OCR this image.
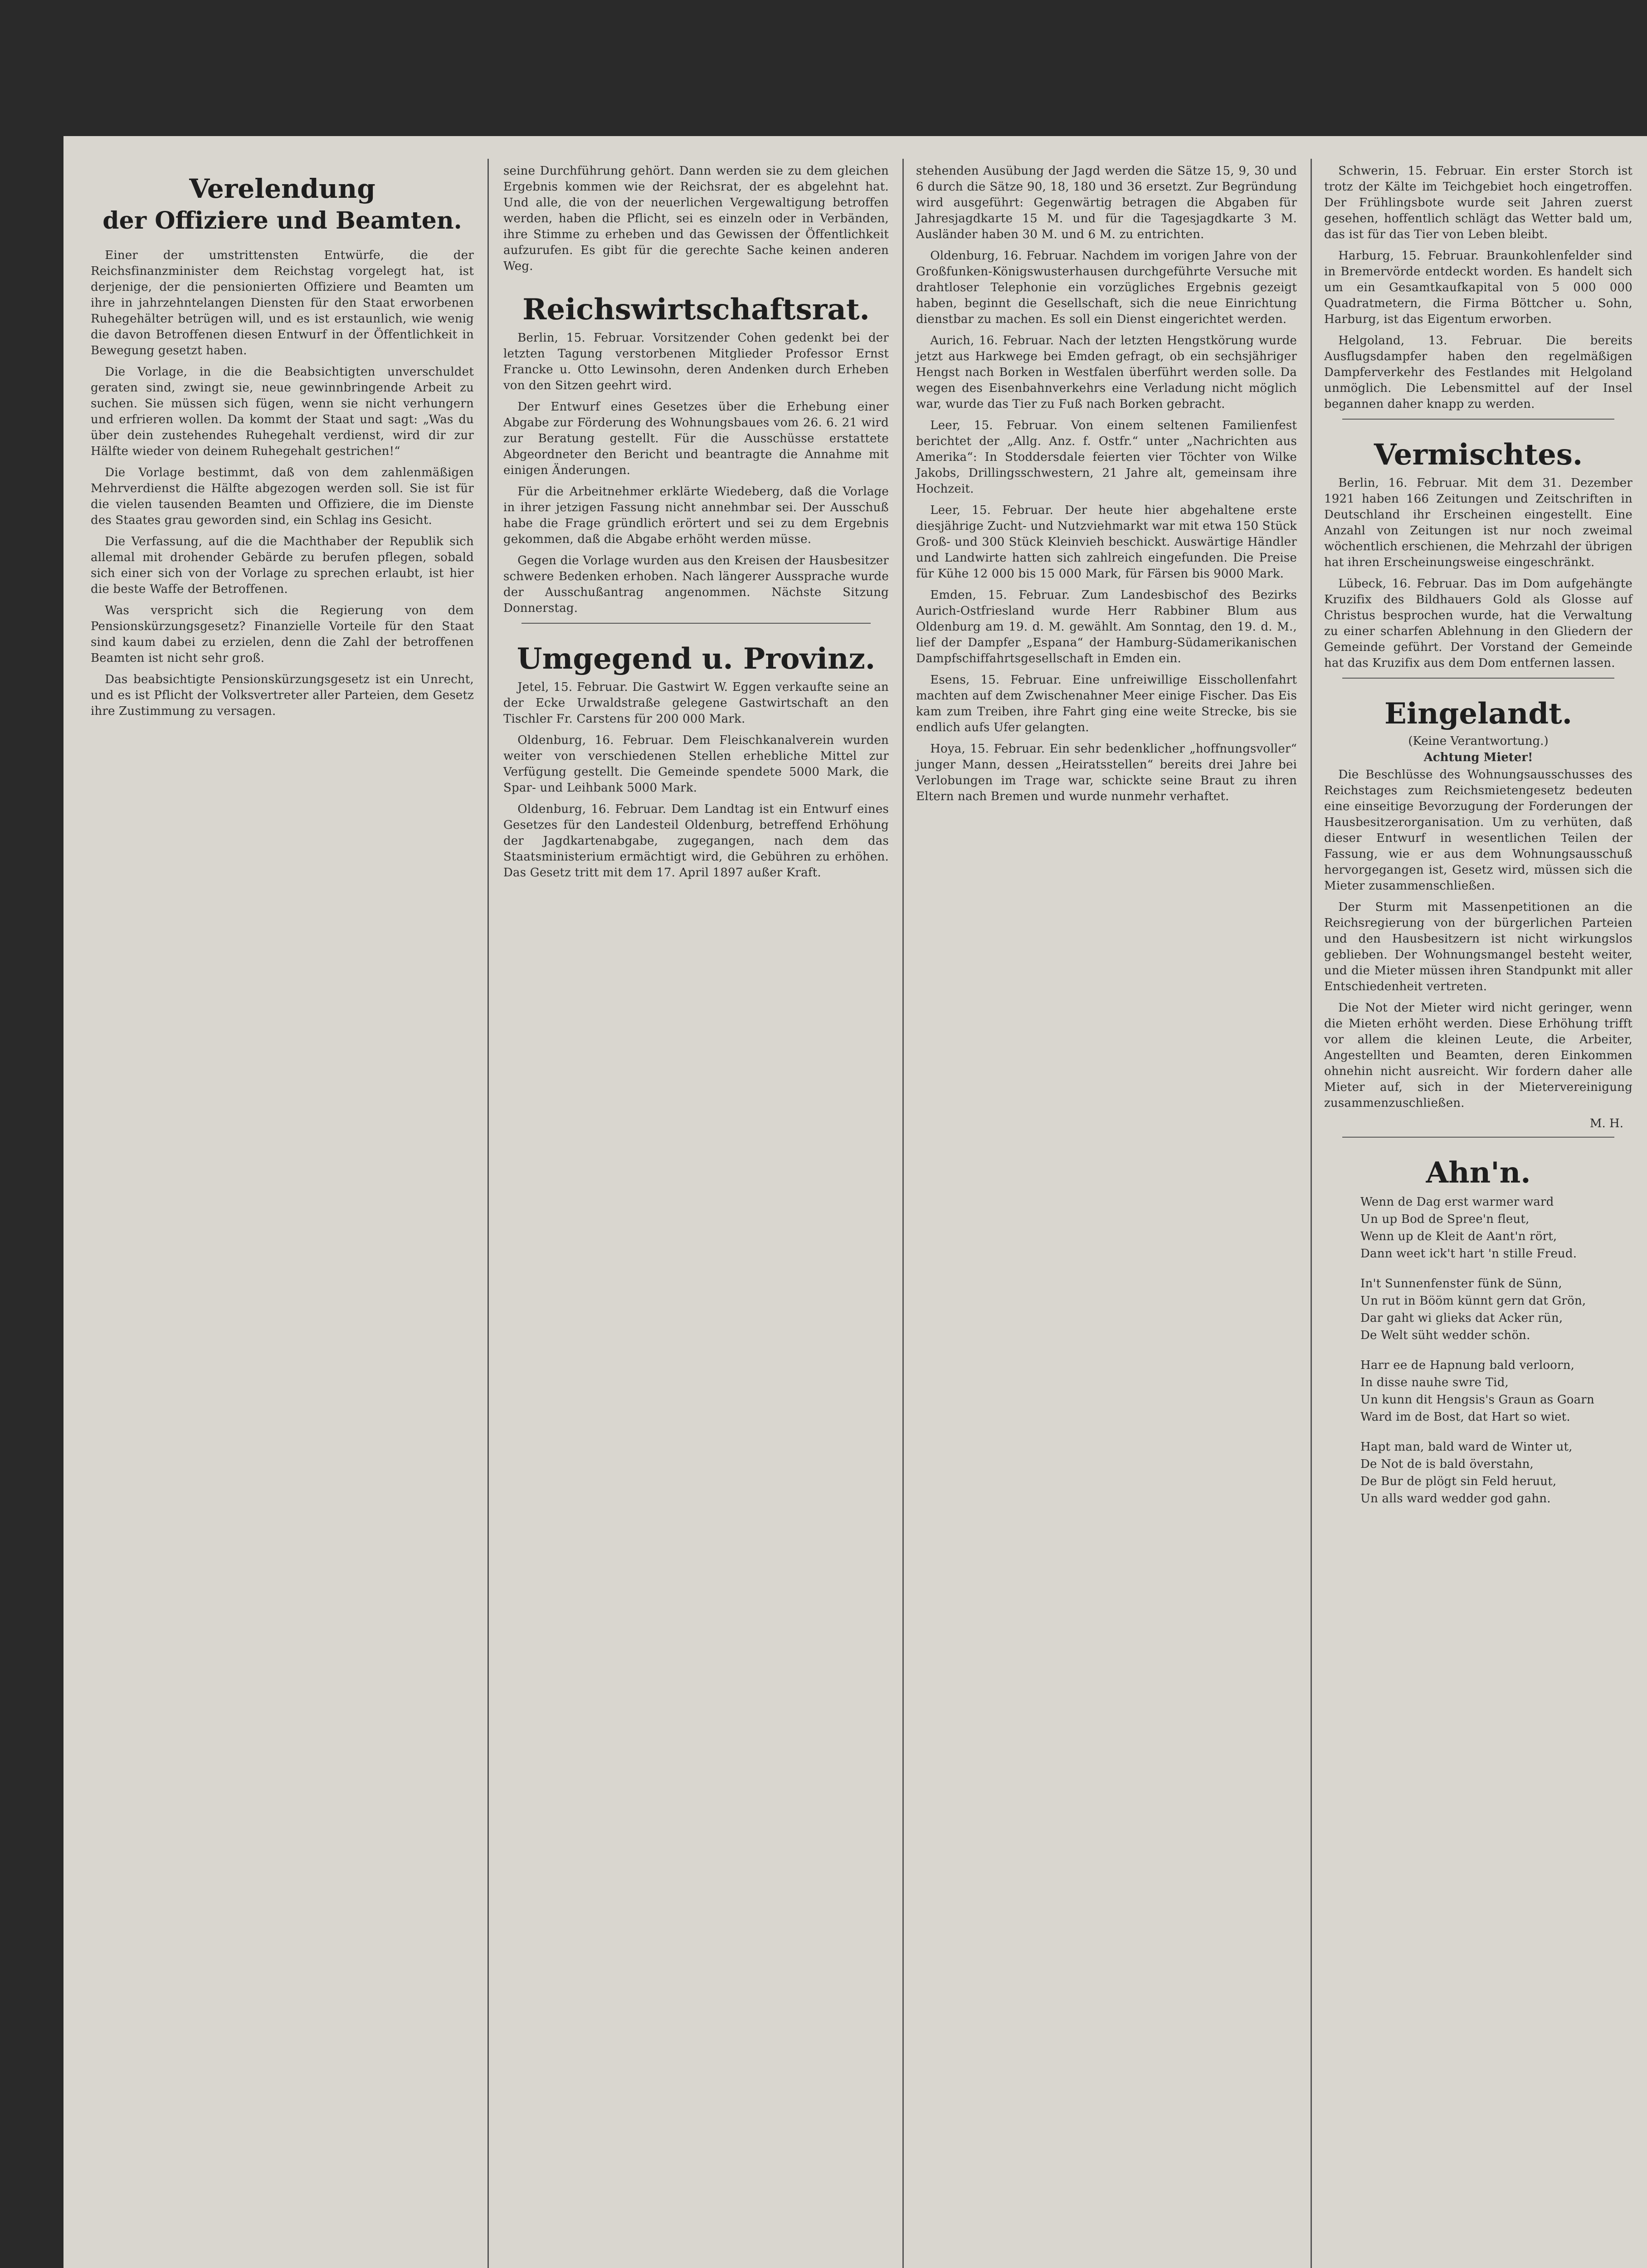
Verelendung
der Offiziere und Beamten.

Einer der umstrittensten Entwürfe, die der Reichsfinanzminister dem Reichstag vorgelegt hat, ist derjenige, der die pensionierten Offiziere und Beamten um ihre in jahrzehntelangen Diensten für den Staat erworbenen Ruhegehälter betrügen will, und es ist erstaunlich, wie wenig die davon Betroffenen diesen Entwurf in der Öffentlichkeit in Bewegung gesetzt haben.

Die Vorlage, in die die Beabsichtigten unverschuldet geraten sind, zwingt sie, neue gewinnbringende Arbeit zu suchen. Sie müssen sich fügen, wenn sie nicht verhungern und erfrieren wollen. Da kommt der Staat und sagt: „Was du über dein zustehendes Ruhegehalt verdienst, wird dir zur Hälfte wieder von deinem Ruhegehalt gestrichen!“

Die Vorlage bestimmt, daß von dem zahlenmäßigen Mehrverdienst die Hälfte abgezogen werden soll. Sie ist für die vielen tausenden Beamten und Offiziere, die im Dienste des Staates grau geworden sind, ein Schlag ins Gesicht.

Die Verfassung, auf die die Machthaber der Republik sich allemal mit drohender Gebärde zu berufen pflegen, sobald sich einer sich von der Vorlage zu sprechen erlaubt, ist hier die beste Waffe der Betroffenen.

Was verspricht sich die Regierung von dem Pensionskürzungsgesetz? Finanzielle Vorteile für den Staat sind kaum dabei zu erzielen, denn die Zahl der betroffenen Beamten ist nicht sehr groß.

Das beabsichtigte Pensionskürzungsgesetz ist ein Unrecht, und es ist Pflicht der Volksvertreter aller Parteien, dem Gesetz ihre Zustimmung zu versagen.

seine Durchführung gehört. Dann werden sie zu dem gleichen Ergebnis kommen wie der Reichsrat, der es abgelehnt hat. Und alle, die von der neuerlichen Vergewaltigung betroffen werden, haben die Pflicht, sei es einzeln oder in Verbänden, ihre Stimme zu erheben und das Gewissen der Öffentlichkeit aufzurufen. Es gibt für die gerechte Sache keinen anderen Weg.

Reichswirtschaftsrat.

Berlin, 15. Februar. Vorsitzender Cohen gedenkt bei der letzten Tagung verstorbenen Mitglieder Professor Ernst Francke u. Otto Lewinsohn, deren Andenken durch Erheben von den Sitzen geehrt wird.

Der Entwurf eines Gesetzes über die Erhebung einer Abgabe zur Förderung des Wohnungsbaues vom 26. 6. 21 wird zur Beratung gestellt. Für die Ausschüsse erstattete Abgeordneter den Bericht und beantragte die Annahme mit einigen Änderungen.

Für die Arbeitnehmer erklärte Wiedeberg, daß die Vorlage in ihrer jetzigen Fassung nicht annehmbar sei. Der Ausschuß habe die Frage gründlich erörtert und sei zu dem Ergebnis gekommen, daß die Abgabe erhöht werden müsse.

Gegen die Vorlage wurden aus den Kreisen der Hausbesitzer schwere Bedenken erhoben. Nach längerer Aussprache wurde der Ausschußantrag angenommen. Nächste Sitzung Donnerstag.

Umgegend u. Provinz.

Jetel, 15. Februar. Die Gastwirt W. Eggen verkaufte seine an der Ecke Urwaldstraße gelegene Gastwirtschaft an den Tischler Fr. Carstens für 200 000 Mark.

Oldenburg, 16. Februar. Dem Fleischkanalverein wurden weiter von verschiedenen Stellen erhebliche Mittel zur Verfügung gestellt. Die Gemeinde spendete 5000 Mark, die Spar- und Leihbank 5000 Mark.

Oldenburg, 16. Februar. Dem Landtag ist ein Entwurf eines Gesetzes für den Landesteil Oldenburg, betreffend Erhöhung der Jagdkartenabgabe, zugegangen, nach dem das Staatsministerium ermächtigt wird, die Gebühren zu erhöhen. Das Gesetz tritt mit dem 17. April 1897 außer Kraft.

stehenden Ausübung der Jagd werden die Sätze 15, 9, 30 und 6 durch die Sätze 90, 18, 180 und 36 ersetzt. Zur Begründung wird ausgeführt: Gegenwärtig betragen die Abgaben für Jahresjagdkarte 15 M. und für die Tagesjagdkarte 3 M. Ausländer haben 30 M. und 6 M. zu entrichten.

Oldenburg, 16. Februar. Nachdem im vorigen Jahre von der Großfunken-Königswusterhausen durchgeführte Versuche mit drahtloser Telephonie ein vorzügliches Ergebnis gezeigt haben, beginnt die Gesellschaft, sich die neue Einrichtung dienstbar zu machen. Es soll ein Dienst eingerichtet werden.

Aurich, 16. Februar. Nach der letzten Hengstkörung wurde jetzt aus Harkwege bei Emden gefragt, ob ein sechsjähriger Hengst nach Borken in Westfalen überführt werden solle. Da wegen des Eisenbahnverkehrs eine Verladung nicht möglich war, wurde das Tier zu Fuß nach Borken gebracht.

Leer, 15. Februar. Von einem seltenen Familienfest berichtet der „Allg. Anz. f. Ostfr.“ unter „Nachrichten aus Amerika“: In Stoddersdale feierten vier Töchter von Wilke Jakobs, Drillingsschwestern, 21 Jahre alt, gemeinsam ihre Hochzeit.

Leer, 15. Februar. Der heute hier abgehaltene erste diesjährige Zucht- und Nutzviehmarkt war mit etwa 150 Stück Groß- und 300 Stück Kleinvieh beschickt. Auswärtige Händler und Landwirte hatten sich zahlreich eingefunden. Die Preise für Kühe 12 000 bis 15 000 Mark, für Färsen bis 9000 Mark.

Emden, 15. Februar. Zum Landesbischof des Bezirks Aurich-Ostfriesland wurde Herr Rabbiner Blum aus Oldenburg am 19. d. M. gewählt. Am Sonntag, den 19. d. M., lief der Dampfer „Espana“ der Hamburg-Südamerikanischen Dampfschiffahrtsgesellschaft in Emden ein.

Esens, 15. Februar. Eine unfreiwillige Eisschollenfahrt machten auf dem Zwischenahner Meer einige Fischer. Das Eis kam zum Treiben, ihre Fahrt ging eine weite Strecke, bis sie endlich aufs Ufer gelangten.

Hoya, 15. Februar. Ein sehr bedenklicher „hoffnungsvoller“ junger Mann, dessen „Heiratsstellen“ bereits drei Jahre bei Verlobungen im Trage war, schickte seine Braut zu ihren Eltern nach Bremen und wurde nunmehr verhaftet.

Schwerin, 15. Februar. Ein erster Storch ist trotz der Kälte im Teichgebiet hoch eingetroffen. Der Frühlingsbote wurde seit Jahren zuerst gesehen, hoffentlich schlägt das Wetter bald um, das ist für das Tier von Leben bleibt.

Harburg, 15. Februar. Braunkohlenfelder sind in Bremervörde entdeckt worden. Es handelt sich um ein Gesamtkaufkapital von 5 000 000 Quadratmetern, die Firma Böttcher u. Sohn, Harburg, ist das Eigentum erworben.

Helgoland, 13. Februar. Die bereits Ausflugsdampfer haben den regelmäßigen Dampferverkehr des Festlandes mit Helgoland unmöglich. Die Lebensmittel auf der Insel begannen daher knapp zu werden.

Vermischtes.

Berlin, 16. Februar. Mit dem 31. Dezember 1921 haben 166 Zeitungen und Zeitschriften in Deutschland ihr Erscheinen eingestellt. Eine Anzahl von Zeitungen ist nur noch zweimal wöchentlich erschienen, die Mehrzahl der übrigen hat ihren Erscheinungsweise eingeschränkt.

Lübeck, 16. Februar. Das im Dom aufgehängte Kruzifix des Bildhauers Gold als Glosse auf Christus besprochen wurde, hat die Verwaltung zu einer scharfen Ablehnung in den Gliedern der Gemeinde geführt. Der Vorstand der Gemeinde hat das Kruzifix aus dem Dom entfernen lassen.

Eingelandt.
(Keine Verantwortung.)
Achtung Mieter!

Die Beschlüsse des Wohnungsausschusses des Reichstages zum Reichsmietengesetz bedeuten eine einseitige Bevorzugung der Forderungen der Hausbesitzerorganisation. Um zu verhüten, daß dieser Entwurf in wesentlichen Teilen der Fassung, wie er aus dem Wohnungsausschuß hervorgegangen ist, Gesetz wird, müssen sich die Mieter zusammenschließen.

Der Sturm mit Massenpetitionen an die Reichsregierung von der bürgerlichen Parteien und den Hausbesitzern ist nicht wirkungslos geblieben. Der Wohnungsmangel besteht weiter, und die Mieter müssen ihren Standpunkt mit aller Entschiedenheit vertreten.

Die Not der Mieter wird nicht geringer, wenn die Mieten erhöht werden. Diese Erhöhung trifft vor allem die kleinen Leute, die Arbeiter, Angestellten und Beamten, deren Einkommen ohnehin nicht ausreicht. Wir fordern daher alle Mieter auf, sich in der Mietervereinigung zusammenzuschließen.

M. H.
Ahn'n.

Wenn de Dag erst warmer ward

Un up Bod de Spree'n fleut,

Wenn up de Kleit de Aant'n rört,

Dann weet ick't hart 'n stille Freud.

In't Sunnenfenster fünk de Sünn,

Un rut in Bööm künnt gern dat Grön,

Dar gaht wi glieks dat Acker rün,

De Welt süht wedder schön.

Harr ee de Hapnung bald verloorn,

In disse nauhe swre Tid,

Un kunn dit Hengsis's Graun as Goarn

Ward im de Bost, dat Hart so wiet.

Hapt man, bald ward de Winter ut,

De Not de is bald överstahn,

De Bur de plögt sin Feld heruut,

Un alls ward wedder god gahn.
